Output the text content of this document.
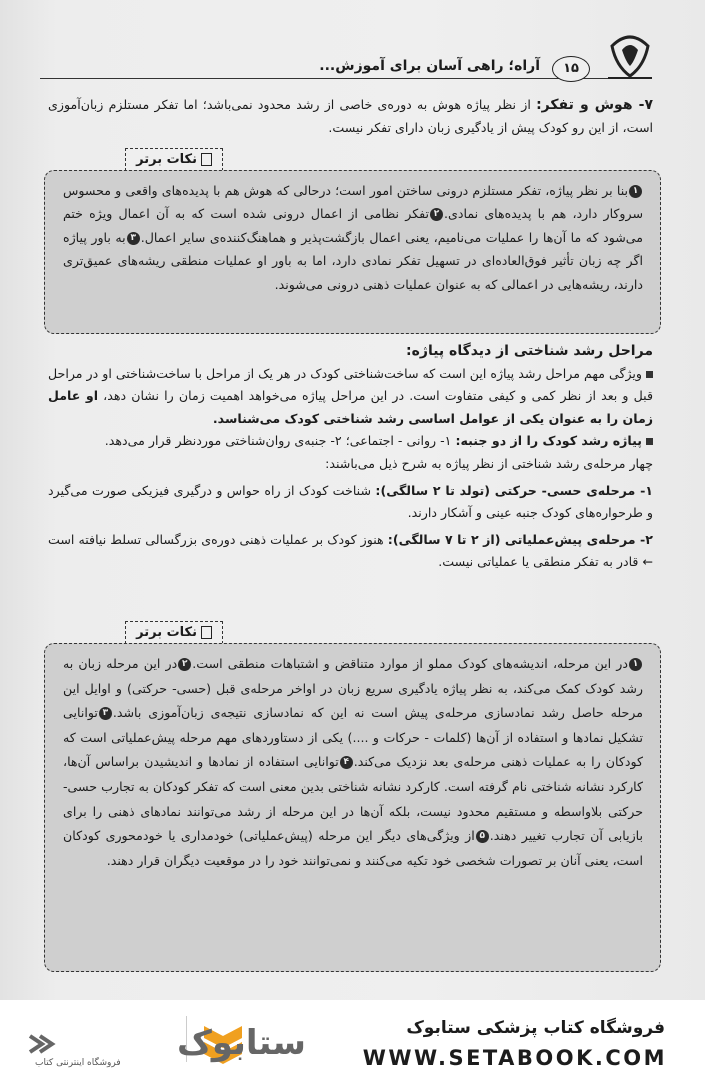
آراه؛ راهی آسان برای آموزش...	۱۵

۷- هوش و تفکر: از نظر پیاژه هوش به دوره‌ی خاصی از رشد محدود نمی‌باشد؛ اما تفکر مستلزم زبان‌آموزی است، از این رو کودک پیش از یادگیری زبان دارای تفکر نیست.

نکات برتر

۱بنا بر نظر پیاژه، تفکر مستلزم درونی ساختن امور است؛ درحالی که هوش هم با پدیده‌های واقعی و محسوس سروکار دارد، هم با پدیده‌های نمادی.۲تفکر نظامی از اعمال درونی شده است که به آن اعمال ویژه ختم می‌شود که ما آن‌ها را عملیات می‌نامیم، یعنی اعمال بازگشت‌پذیر و هماهنگ‌کننده‌ی سایر اعمال.۳به باور پیاژه اگر چه زبان تأثیر فوق‌العاده‌ای در تسهیل تفکر نمادی دارد، اما به باور او عملیات منطقی ریشه‌های عمیق‌تری دارند، ریشه‌هایی در اعمالی که به عنوان عملیات ذهنی درونی می‌شوند.

مراحل رشد شناختی از دیدگاه پیاژه:

ویژگی مهم مراحل رشد پیاژه این است که ساخت‌شناختی کودک در هر یک از مراحل با ساخت‌شناختی او در مراحل قبل و بعد از نظر کمی و کیفی متفاوت است. در این مراحل پیاژه می‌خواهد اهمیت زمان را نشان دهد، او عامل زمان را به عنوان یکی از عوامل اساسی رشد شناختی کودک می‌شناسد.

پیاژه رشد کودک را از دو جنبه: ۱- روانی - اجتماعی؛ ۲- جنبه‌ی روان‌شناختی موردنظر قرار می‌دهد.

چهار مرحله‌ی رشد شناختی از نظر پیاژه به شرح ذیل می‌باشند:

۱- مرحله‌ی حسی- حرکتی (تولد تا ۲ سالگی): شناخت کودک از راه حواس و درگیری فیزیکی صورت می‌گیرد و طرحواره‌های کودک جنبه عینی و آشکار دارند.

۲- مرحله‌ی پیش‌عملیاتی (از ۲ تا ۷ سالگی): هنوز کودک بر عملیات ذهنی دوره‌ی بزرگسالی تسلط نیافته است ← قادر به تفکر منطقی یا عملیاتی نیست.

نکات برتر

۱در این مرحله، اندیشه‌های کودک مملو از موارد متناقض و اشتباهات منطقی است.۲در این مرحله زبان به رشد کودک کمک می‌کند، به نظر پیاژه یادگیری سریع زبان در اواخر مرحله‌ی قبل (حسی- حرکتی) و اوایل این مرحله حاصل رشد نمادسازی مرحله‌ی پیش است نه این که نمادسازی نتیجه‌ی زبان‌آموزی باشد.۳توانایی تشکیل نمادها و استفاده از آن‌ها (کلمات - حرکات و ....) یکی از دستاوردهای مهم مرحله پیش‌عملیاتی است که کودکان را به عملیات ذهنی مرحله‌ی بعد نزدیک می‌کند.۴توانایی استفاده از نمادها و اندیشیدن براساس آن‌ها، کارکرد نشانه شناختی نام گرفته است. کارکرد نشانه شناختی بدین معنی است که تفکر کودکان به تجارب حسی- حرکتی بلاواسطه و مستقیم محدود نیست، بلکه آن‌ها در این مرحله از رشد می‌توانند نمادهای ذهنی را برای بازیابی آن تجارب تغییر دهند.۵از ویژگی‌های دیگر این مرحله (پیش‌عملیاتی) خودمداری یا خودمحوری کودکان است، یعنی آنان بر تصورات شخصی خود تکیه می‌کنند و نمی‌توانند خود را در موقعیت دیگران قرار دهند.

فروشگاه کتاب پزشکی ستابوک
WWW.SETABOOK.COM
ستابوک
فروشگاه اینترنتی کتاب
